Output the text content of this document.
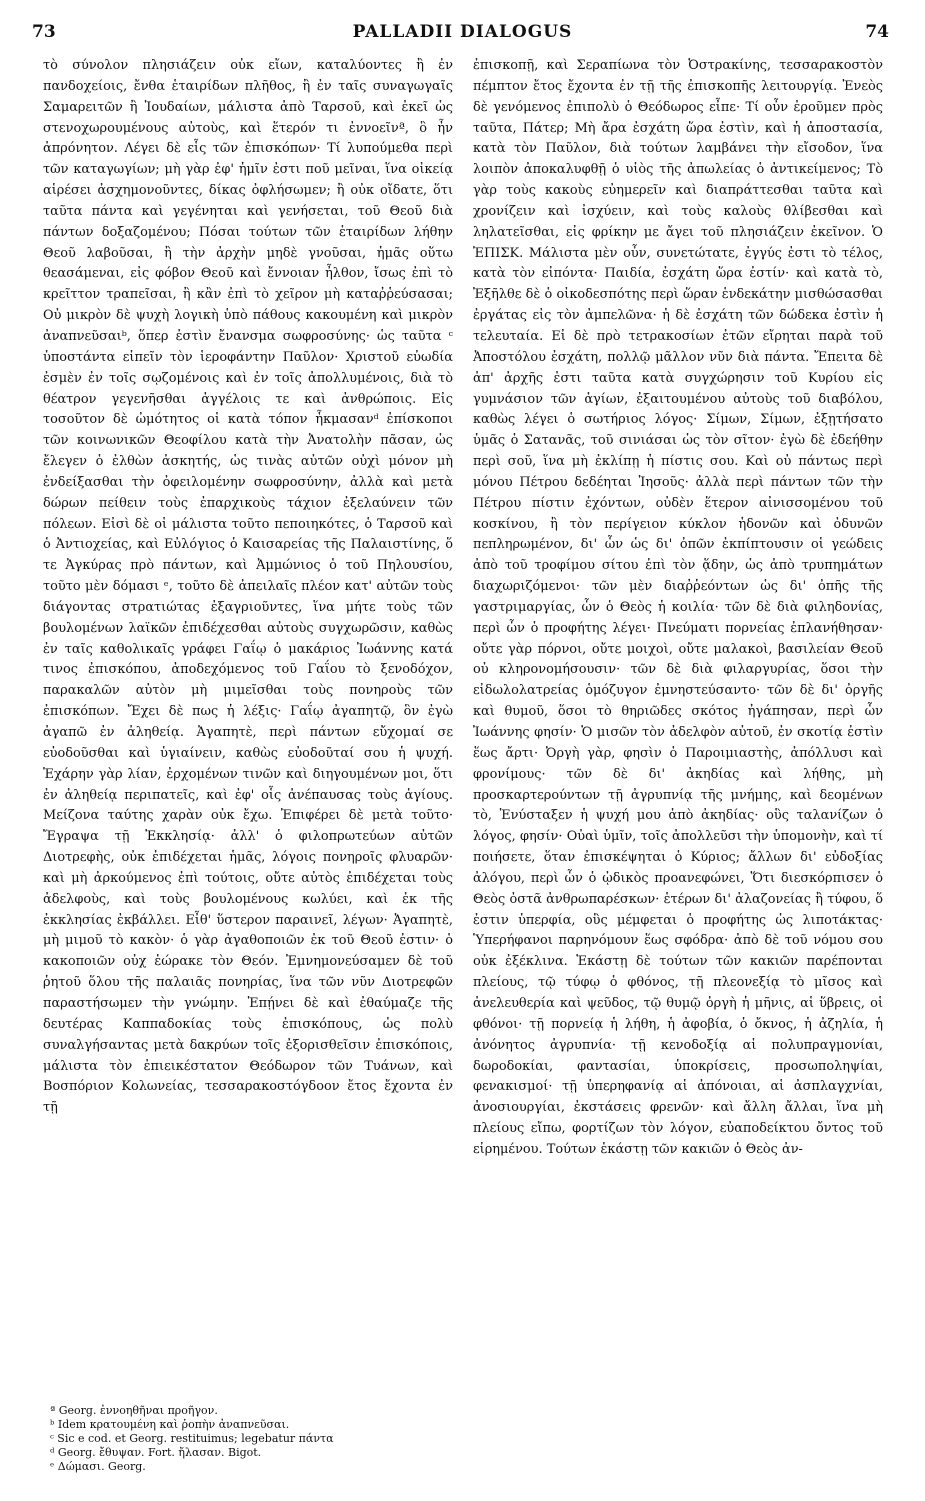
73	PALLADII DIALOGUS	74

τὸ σύνολον πλησιάζειν οὐκ εἴων, καταλύοντες ἢ ἐν πανδοχείοις, ἔνθα ἑταιρίδων πλῆθος, ἢ ἐν ταῖς συναγωγαῖς Σαμαρειτῶν ἢ Ἰουδαίων, μάλιστα ἀπὸ Ταρσοῦ, καὶ ἐκεῖ ὡς στενοχωρουμένους αὐτοὺς, καὶ ἕτερόν τι ἐννοεῖνª, ὃ ἦν ἀπρόνητον. Λέγει δὲ εἷς τῶν ἐπισκόπων· Τί λυπούμεθα περὶ τῶν καταγωγίων; μὴ γὰρ ἐφ' ἡμῖν ἐστι ποῦ μεῖναι, ἵνα οἰκείᾳ αἱρέσει ἀσχημονοῦντες, δίκας ὀφλήσωμεν; ἢ οὐκ οἴδατε, ὅτι ταῦτα πάντα καὶ γεγένηται καὶ γενήσεται, τοῦ Θεοῦ διὰ πάντων δοξαζομένου; Πόσαι τούτων τῶν ἑταιρίδων λήθην Θεοῦ λαβοῦσαι, ἢ τὴν ἀρχὴν μηδὲ γνοῦσαι, ἡμᾶς οὕτω θεασάμεναι, εἰς φόβον Θεοῦ καὶ ἔννοιαν ἦλθον, ἴσως ἐπὶ τὸ κρεῖττον τραπεῖσαι, ἢ κἂν ἐπὶ τὸ χεῖρον μὴ καταῤῥεύσασαι; Οὐ μικρὸν δὲ ψυχὴ λογικὴ ὑπὸ πάθους κακουμένη καὶ μικρὸν ἀναπνεῦσαιᵇ, ὅπερ ἐστὶν ἔνανσμα σωφροσύνης· ὡς ταῦτα ᶜ ὑποστάντα εἰπεῖν τὸν ἱεροφάντην Παῦλον· Χριστοῦ εὐωδία ἐσμὲν ἐν τοῖς σῳζομένοις καὶ ἐν τοῖς ἀπολλυμένοις, διὰ τὸ θέατρον γεγενῆσθαι ἀγγέλοις τε καὶ ἀνθρώποις. Εἰς τοσοῦτον δὲ ὠμότητος οἱ κατὰ τόπον ἧκμασανᵈ ἐπίσκοποι τῶν κοινωνικῶν Θεοφίλου κατὰ τὴν Ἀνατολὴν πᾶσαν, ὡς ἔλεγεν ὁ ἐλθὼν ἀσκητής, ὡς τινὰς αὐτῶν οὐχὶ μόνον μὴ ἐνδείξασθαι τὴν ὀφειλομένην σωφροσύνην, ἀλλὰ καὶ μετὰ δώρων πείθειν τοὺς ἐπαρχικοὺς τάχιον ἐξελαύνειν τῶν πόλεων. Εἰσὶ δὲ οἱ μάλιστα τοῦτο πεποιηκότες, ὁ Ταρσοῦ καὶ ὁ Ἀντιοχείας, καὶ Εὐλόγιος ὁ Καισαρείας τῆς Παλαιστίνης, ὅ τε Ἀγκύρας πρὸ πάντων, καὶ Ἀμμώνιος ὁ τοῦ Πηλουσίου, τοῦτο μὲν δόμασι ᵉ, τοῦτο δὲ ἀπειλαῖς πλέον κατ' αὐτῶν τοὺς διάγοντας στρατιώτας ἐξαγριοῦντες, ἵνα μήτε τοὺς τῶν βουλομένων λαϊκῶν ἐπιδέχεσθαι αὐτοὺς συγχωρῶσιν, καθὼς ἐν ταῖς καθολικαῖς γράφει Γαΐῳ ὁ μακάριος Ἰωάννης κατά τινος ἐπισκόπου, ἀποδεχόμενος τοῦ Γαΐου τὸ ξενοδόχον, παρακαλῶν αὐτὸν μὴ μιμεῖσθαι τοὺς πονηροὺς τῶν ἐπισκόπων. Ἔχει δὲ πως ἡ λέξις· Γαΐῳ ἀγαπητῷ, ὃν ἐγὼ ἀγαπῶ ἐν ἀληθείᾳ. Ἀγαπητὲ, περὶ πάντων εὔχομαί σε εὐοδοῦσθαι καὶ ὑγιαίνειν, καθὼς εὐοδοῦταί σου ἡ ψυχή. Ἐχάρην γὰρ λίαν, ἐρχομένων τινῶν καὶ διηγουμένων μοι, ὅτι ἐν ἀληθείᾳ περιπατεῖς, καὶ ἐφ' οἷς ἀνέπαυσας τοὺς ἁγίους. Μείζονα ταύτης χαρὰν οὐκ ἔχω. Ἐπιφέρει δὲ μετὰ τοῦτο· Ἔγραψα τῇ Ἐκκλησίᾳ· ἀλλ' ὁ φιλοπρωτεύων αὐτῶν Διοτρεφὴς, οὐκ ἐπιδέχεται ἡμᾶς, λόγοις πονηροῖς φλυαρῶν· καὶ μὴ ἀρκούμενος ἐπὶ τούτοις, οὔτε αὐτὸς ἐπιδέχεται τοὺς ἀδελφοὺς, καὶ τοὺς βουλομένους κωλύει, καὶ ἐκ τῆς ἐκκλησίας ἐκβάλλει. Εἶθ' ὕστερον παραινεῖ, λέγων· Ἀγαπητὲ, μὴ μιμοῦ τὸ κακὸν· ὁ γὰρ ἀγαθοποιῶν ἐκ τοῦ Θεοῦ ἐστιν· ὁ κακοποιῶν οὐχ ἑώρακε τὸν Θεόν. Ἐμνημονεύσαμεν δὲ τοῦ ῥητοῦ ὅλου τῆς παλαιᾶς πονηρίας, ἵνα τῶν νῦν Διοτρεφῶν παραστήσωμεν τὴν γνώμην. Ἐπῄνει δὲ καὶ ἐθαύμαζε τῆς δευτέρας Καππαδοκίας τοὺς ἐπισκόπους, ὡς πολὺ συναλγήσαντας μετὰ δακρύων τοῖς ἐξορισθεῖσιν ἐπισκόποις, μάλιστα τὸν ἐπιεικέστατον Θεόδωρον τῶν Τυάνων, καὶ Βοσπόριον Κολωνείας, τεσσαρακοστόγδοον ἔτος ἔχοντα ἐν τῇ

ἐπισκοπῇ, καὶ Σεραπίωνα τὸν Ὀστρακίνης, τεσσαρακοστὸν πέμπτον ἔτος ἔχοντα ἐν τῇ τῆς ἐπισκοπῆς λειτουργίᾳ. Ἐνεὸς δὲ γενόμενος ἐπιπολὺ ὁ Θεόδωρος εἶπε· Τί οὖν ἐροῦμεν πρὸς ταῦτα, Πάτερ; Μὴ ἄρα ἐσχάτη ὥρα ἐστὶν, καὶ ἡ ἀποστασία, κατὰ τὸν Παῦλον, διὰ τούτων λαμβάνει τὴν εἴσοδον, ἵνα λοιπὸν ἀποκαλυφθῇ ὁ υἱὸς τῆς ἀπωλείας ὁ ἀντικείμενος; Τὸ γὰρ τοὺς κακοὺς εὐημερεῖν καὶ διαπράττεσθαι ταῦτα καὶ χρονίζειν καὶ ἰσχύειν, καὶ τοὺς καλοὺς θλίβεσθαι καὶ ληλατεῖσθαι, εἰς φρίκην με ἄγει τοῦ πλησιάζειν ἐκεῖνον. Ὁ ἘΠΙΣΚ. Μάλιστα μὲν οὖν, συνετώτατε, ἐγγύς ἐστι τὸ τέλος, κατὰ τὸν εἰπόντα· Παιδία, ἐσχάτη ὥρα ἐστίν· καὶ κατὰ τὸ, Ἐξῆλθε δὲ ὁ οἰκοδεσπότης περὶ ὥραν ἑνδεκάτην μισθώσασθαι ἐργάτας εἰς τὸν ἀμπελῶνα· ἡ δὲ ἐσχάτη τῶν δώδεκα ἐστὶν ἡ τελευταία. Εἰ δὲ πρὸ τετρακοσίων ἐτῶν εἴρηται παρὰ τοῦ Ἀποστόλου ἐσχάτη, πολλῷ μᾶλλον νῦν διὰ πάντα. Ἔπειτα δὲ ἀπ' ἀρχῆς ἐστι ταῦτα κατὰ συγχώρησιν τοῦ Κυρίου εἰς γυμνάσιον τῶν ἁγίων, ἐξαιτουμένου αὐτοὺς τοῦ διαβόλου, καθὼς λέγει ὁ σωτήριος λόγος· Σίμων, Σίμων, ἐξῃτήσατο ὑμᾶς ὁ Σατανᾶς, τοῦ σινιάσαι ὡς τὸν σῖτον· ἐγὼ δὲ ἐδεήθην περὶ σοῦ, ἵνα μὴ ἐκλίπῃ ἡ πίστις σου. Καὶ οὐ πάντως περὶ μόνου Πέτρου δεδέηται Ἰησοῦς· ἀλλὰ περὶ πάντων τῶν τὴν Πέτρου πίστιν ἐχόντων, οὐδὲν ἕτερον αἰνισσομένου τοῦ κοσκίνου, ἢ τὸν περίγειον κύκλον ἡδονῶν καὶ ὀδυνῶν πεπληρωμένον, δι' ὧν ὡς δι' ὀπῶν ἐκπίπτουσιν οἱ γεώδεις ἀπὸ τοῦ τροφίμου σίτου ἐπὶ τὸν ᾅδην, ὡς ἀπὸ τρυπημάτων διαχωριζόμενοι· τῶν μὲν διαῤῥεόντων ὡς δι' ὀπῆς τῆς γαστριμαργίας, ὧν ὁ Θεὸς ἡ κοιλία· τῶν δὲ διὰ φιληδονίας, περὶ ὧν ὁ προφήτης λέγει· Πνεύματι πορνείας ἐπλανήθησαν· οὔτε γὰρ πόρνοι, οὔτε μοιχοὶ, οὔτε μαλακοὶ, βασιλείαν Θεοῦ οὐ κληρονομήσουσιν· τῶν δὲ διὰ φιλαργυρίας, ὅσοι τὴν εἰδωλολατρείας ὁμόζυγον ἐμνηστεύσαντο· τῶν δὲ δι' ὀργῆς καὶ θυμοῦ, ὅσοι τὸ θηριῶδες σκότος ἠγάπησαν, περὶ ὧν Ἰωάννης φησίν· Ὁ μισῶν τὸν ἀδελφὸν αὐτοῦ, ἐν σκοτίᾳ ἐστὶν ἕως ἄρτι· Ὀργὴ γὰρ, φησὶν ὁ Παροιμιαστὴς, ἀπόλλυσι καὶ φρονίμους· τῶν δὲ δι' ἀκηδίας καὶ λήθης, μὴ προσκαρτερούντων τῇ ἀγρυπνίᾳ τῆς μνήμης, καὶ δεομένων τὸ, Ἐνύσταξεν ἡ ψυχή μου ἀπὸ ἀκηδίας· οὓς ταλανίζων ὁ λόγος, φησίν· Οὐαὶ ὑμῖν, τοῖς ἀπολλεῦσι τὴν ὑπομονὴν, καὶ τί ποιήσετε, ὅταν ἐπισκέψηται ὁ Κύριος; ἄλλων δι' εὐδοξίας ἀλόγου, περὶ ὧν ὁ ᾠδικὸς προανεφώνει, Ὅτι διεσκόρπισεν ὁ Θεὸς ὀστᾶ ἀνθρωπαρέσκων· ἑτέρων δι' ἀλαζονείας ἢ τύφου, ὅ ἐστιν ὑπερφία, οὓς μέμφεται ὁ προφήτης ὡς λιποτάκτας· Ὑπερήφανοι παρηνόμουν ἕως σφόδρα· ἀπὸ δὲ τοῦ νόμου σου οὐκ ἐξέκλινα. Ἑκάστῃ δὲ τούτων τῶν κακιῶν παρέπονται πλείους, τῷ τύφῳ ὁ φθόνος, τῇ πλεονεξίᾳ τὸ μῖσος καὶ ἀνελευθερία καὶ ψεῦδος, τῷ θυμῷ ὀργὴ ἡ μῆνις, αἱ ὕβρεις, οἱ φθόνοι· τῇ πορνείᾳ ἡ λήθη, ἡ ἀφοβία, ὁ ὄκνος, ἡ ἀζηλία, ἡ ἀνόνητος ἀγρυπνία· τῇ κενοδοξίᾳ αἱ πολυπραγμονίαι, δωροδοκίαι, φαντασίαι, ὑποκρίσεις, προσωποληψίαι, φενακισμοί· τῇ ὑπερηφανίᾳ αἱ ἀπόνοιαι, αἱ ἀσπλαγχνίαι, ἀνοσιουργίαι, ἐκστάσεις φρενῶν· καὶ ἄλλη ἄλλαι, ἵνα μὴ πλείους εἴπω, φορτίζων τὸν λόγον, εὐαποδείκτου ὄντος τοῦ εἰρημένου. Τούτων ἑκάστῃ τῶν κακιῶν ὁ Θεὸς ἀν-

ª Georg. ἐννοηθῆναι προῆγον.
ᵇ Idem κρατουμένη καὶ ῥοπὴν ἀναπνεῦσαι.
ᶜ Sic e cod. et Georg. restituimus; legebatur πάντα
ᵈ Georg. ἔθυψαν. Fort. ἤλασαν. Bigot.
ᵉ Δώμασι. Georg.
